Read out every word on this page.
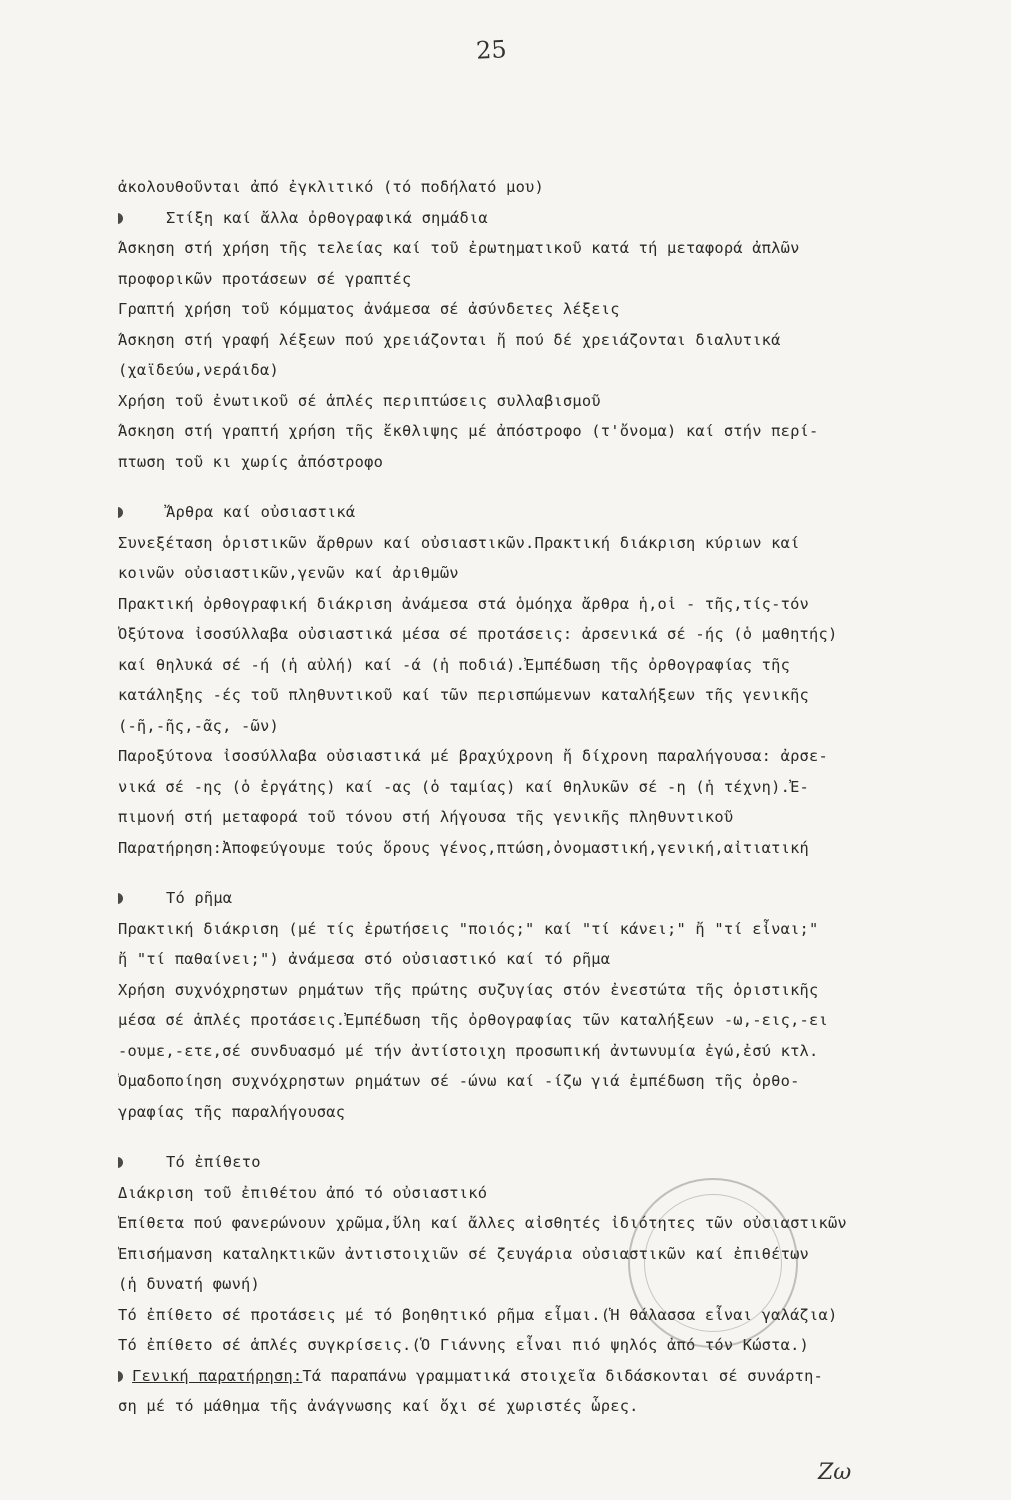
25
ἀκολουθοῦνται ἀπό ἐγκλιτικό (τό ποδήλατό μου)
Στίξη καί ἄλλα ὀρθογραφικά σημάδια
Ἄσκηση στή χρήση τῆς τελείας καί τοῦ ἐρωτηματικοῦ κατά τή μεταφορά ἀπλῶν
προφορικῶν προτάσεων σέ γραπτές
Γραπτή χρήση τοῦ κόμματος ἀνάμεσα σέ ἀσύνδετες λέξεις
Ἄσκηση στή γραφή λέξεων πού χρειάζονται ἤ πού δέ χρειάζονται διαλυτικά
(χαϊδεύω,νεράιδα)
Χρήση τοῦ ἐνωτικοῦ σέ ἁπλές περιπτώσεις συλλαβισμοῦ
Ἄσκηση στή γραπτή χρήση τῆς ἔκθλιψης μέ ἀπόστροφο (τ'ὄνομα) καί στήν περί-
πτωση τοῦ κι χωρίς ἀπόστροφο
Ἄρθρα καί οὐσιαστικά
Συνεξέταση ὁριστικῶν ἄρθρων καί οὐσιαστικῶν.Πρακτική διάκριση κύριων καί
κοινῶν οὐσιαστικῶν,γενῶν καί ἀριθμῶν
Πρακτική ὀρθογραφική διάκριση ἀνάμεσα στά ὁμόηχα ἄρθρα ἡ,οἱ - τῆς,τίς-τόν
Ὀξύτονα ἰσοσύλλαβα οὐσιαστικά μέσα σέ προτάσεις: ἀρσενικά σέ -ής (ὁ μαθητής)
καί θηλυκά σέ -ή (ἡ αὐλή) καί -ά (ἡ ποδιά).Ἐμπέδωση τῆς ὀρθογραφίας τῆς
κατάληξης -ές τοῦ πληθυντικοῦ καί τῶν περισπώμενων καταλήξεων τῆς γενικῆς
(-ῆ,-ῆς,-ᾶς, -ῶν)
Παροξύτονα ἰσοσύλλαβα οὐσιαστικά μέ βραχύχρονη ἤ δίχρονη παραλήγουσα: ἀρσε-
νικά σέ -ης (ὁ ἐργάτης) καί -ας (ὁ ταμίας) καί θηλυκῶν σέ -η (ἡ τέχνη).Ἐ-
πιμονή στή μεταφορά τοῦ τόνου στή λήγουσα τῆς γενικῆς πληθυντικοῦ
Παρατήρηση:Ἀποφεύγουμε τούς ὅρους γένος,πτώση,ὀνομαστική,γενική,αἰτιατική
Τό ρῆμα
Πρακτική διάκριση (μέ τίς ἐρωτήσεις "ποιός;" καί "τί κάνει;" ἤ "τί εἶναι;"
ἤ "τί παθαίνει;") ἀνάμεσα στό οὐσιαστικό καί τό ρῆμα
Χρήση συχνόχρηστων ρημάτων τῆς πρώτης συζυγίας στόν ἐνεστώτα τῆς ὁριστικῆς
μέσα σέ ἁπλές προτάσεις.Ἐμπέδωση τῆς ὀρθογραφίας τῶν καταλήξεων -ω,-εις,-ει
-ουμε,-ετε,σέ συνδυασμό μέ τήν ἀντίστοιχη προσωπική ἀντωνυμία ἐγώ,ἐσύ κτλ.
Ὁμαδοποίηση συχνόχρηστων ρημάτων σέ -ώνω καί -ίζω γιά ἐμπέδωση τῆς ὀρθο-
γραφίας τῆς παραλήγουσας
Τό ἐπίθετο
Διάκριση τοῦ ἐπιθέτου ἀπό τό οὐσιαστικό
Ἐπίθετα πού φανερώνουν χρῶμα,ὕλη καί ἄλλες αἰσθητές ἰδιότητες τῶν οὐσιαστικῶν
Ἐπισήμανση καταληκτικῶν ἀντιστοιχιῶν σέ ζευγάρια οὐσιαστικῶν καί ἐπιθέτων
(ἡ δυνατή φωνή)
Τό ἐπίθετο σέ προτάσεις μέ τό βοηθητικό ρῆμα εἶμαι.(Ἡ θάλασσα εἶναι γαλάζια)
Τό ἐπίθετο σέ ἁπλές συγκρίσεις.(Ὁ Γιάννης εἶναι πιό ψηλός ἀπό τόν Κώστα.)
Γενική παρατήρηση:Τά παραπάνω γραμματικά στοιχεῖα διδάσκονται σέ συνάρτη-
ση μέ τό μάθημα τῆς ἀνάγνωσης καί ὄχι σέ χωριστές ὧρες.
Ζω
